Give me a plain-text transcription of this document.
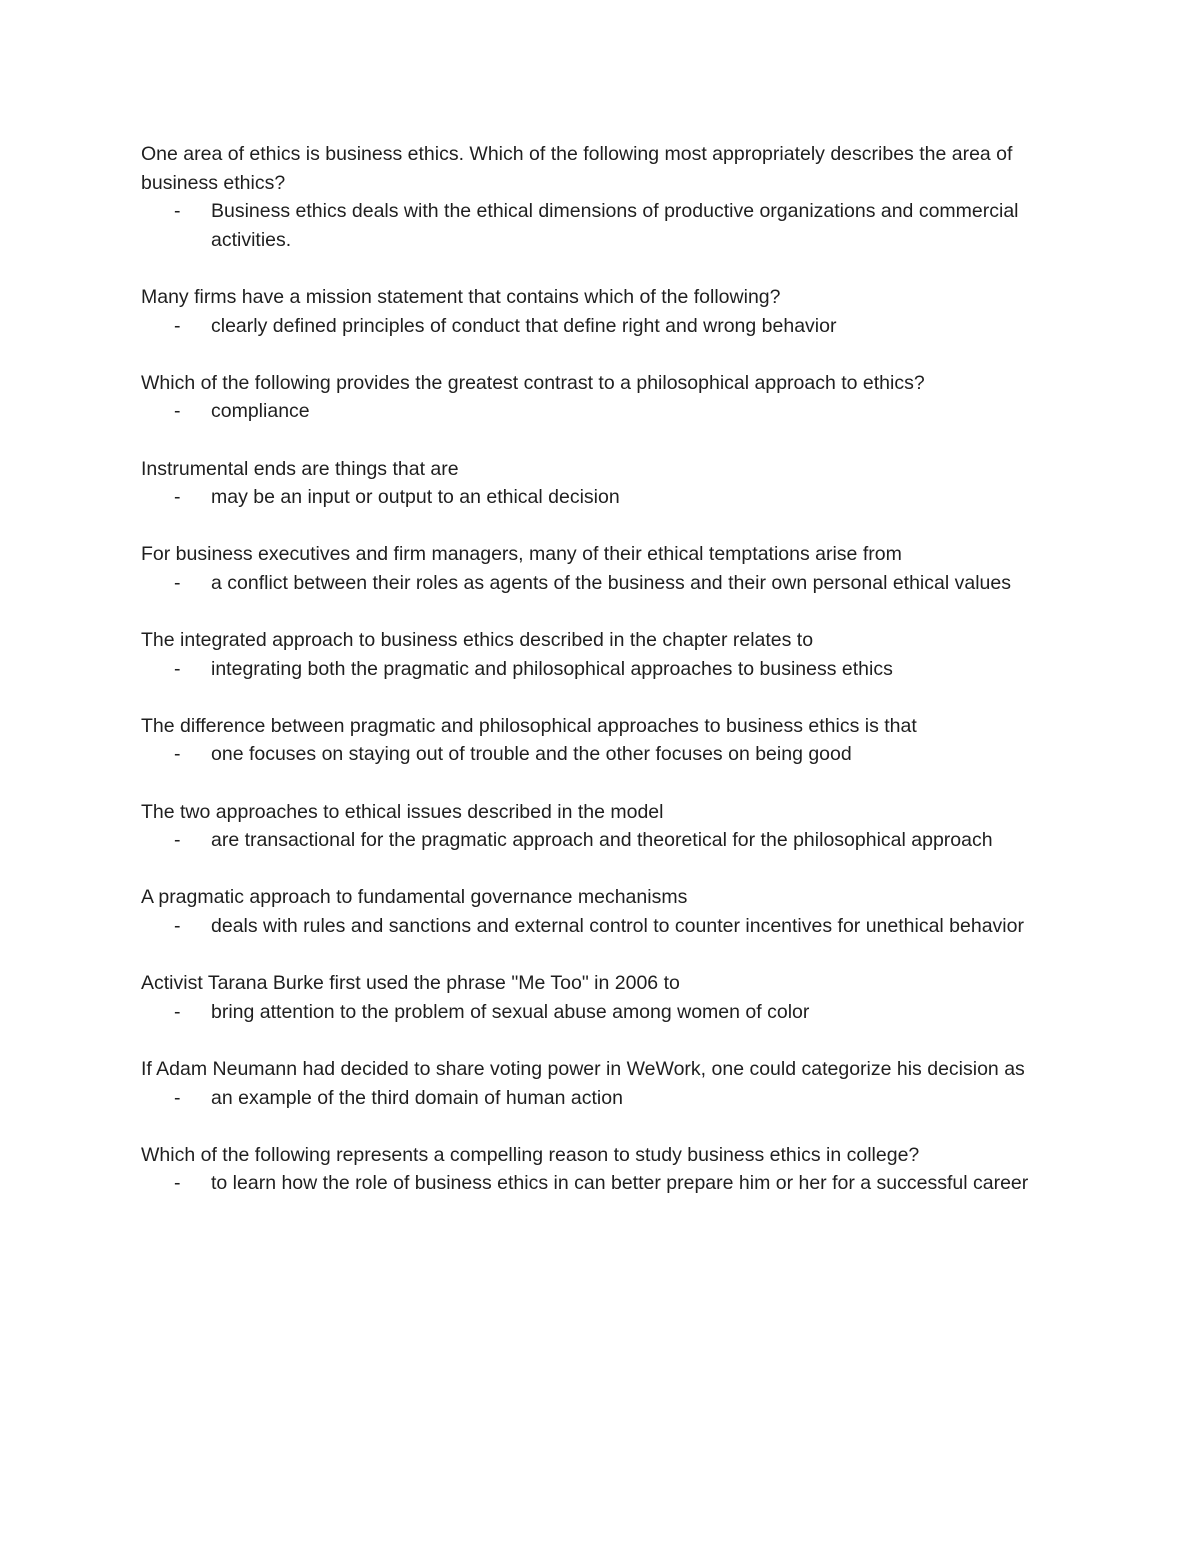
One area of ethics is business ethics. Which of the following most appropriately describes the area of business ethics?

- Business ethics deals with the ethical dimensions of productive organizations and commercial activities.

Many firms have a mission statement that contains which of the following?

- clearly defined principles of conduct that define right and wrong behavior

Which of the following provides the greatest contrast to a philosophical approach to ethics?

- compliance

Instrumental ends are things that are

- may be an input or output to an ethical decision

For business executives and firm managers, many of their ethical temptations arise from

- a conflict between their roles as agents of the business and their own personal ethical values

The integrated approach to business ethics described in the chapter relates to

- integrating both the pragmatic and philosophical approaches to business ethics

The difference between pragmatic and philosophical approaches to business ethics is that

- one focuses on staying out of trouble and the other focuses on being good

The two approaches to ethical issues described in the model

- are transactional for the pragmatic approach and theoretical for the philosophical approach

A pragmatic approach to fundamental governance mechanisms

- deals with rules and sanctions and external control to counter incentives for unethical behavior

Activist Tarana Burke first used the phrase "Me Too" in 2006 to

- bring attention to the problem of sexual abuse among women of color

If Adam Neumann had decided to share voting power in WeWork, one could categorize his decision as

- an example of the third domain of human action

Which of the following represents a compelling reason to study business ethics in college?

- to learn how the role of business ethics in can better prepare him or her for a successful career
